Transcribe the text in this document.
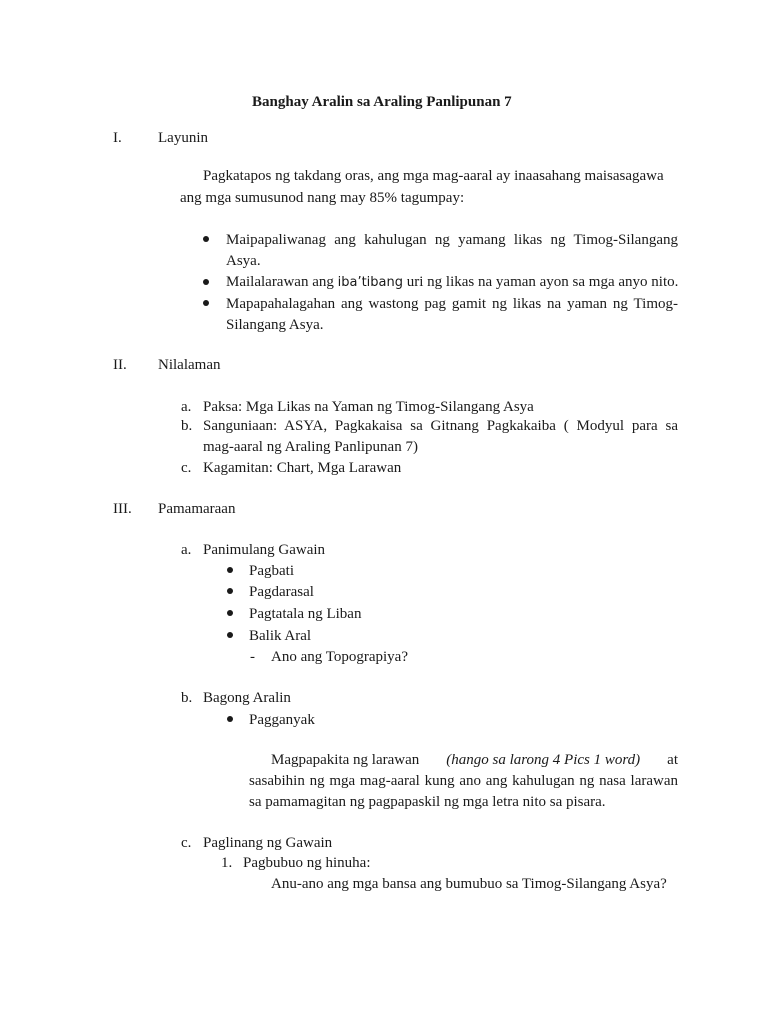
Banghay Aralin sa Araling Panlipunan 7
I. Layunin
Pagkatapos ng takdang oras, ang mga mag-aaral ay inaasahang maisasagawa
ang mga sumusunod nang may 85% tagumpay:
Maipapaliwanag ang kahulugan ng yamang likas ng Timog-Silangang
Asya.
Mailalarawan ang iba’tibang uri ng likas na yaman ayon sa mga anyo nito.
Mapapahalagahan ang wastong pag gamit ng likas na yaman ng Timog-
Silangang Asya.
II. Nilalaman
a. Paksa: Mga Likas na Yaman ng Timog-Silangang Asya
b. Sanguniaan: ASYA, Pagkakaisa sa Gitnang Pagkakaiba ( Modyul para sa
mag-aaral ng Araling Panlipunan 7)
c. Kagamitan: Chart, Mga Larawan
III. Pamamaraan
a. Panimulang Gawain
Pagbati
Pagdarasal
Pagtatala ng Liban
Balik Aral
- Ano ang Topograpiya?
b. Bagong Aralin
Pagganyak
Magpapakita ng larawan (hango sa larong 4 Pics 1 word) at
sasabihin ng mga mag-aaral kung ano ang kahulugan ng nasa larawan
sa pamamagitan ng pagpapaskil ng mga letra nito sa pisara.
c. Paglinang ng Gawain
1. Pagbubuo ng hinuha:
Anu-ano ang mga bansa ang bumubuo sa Timog-Silangang Asya?
